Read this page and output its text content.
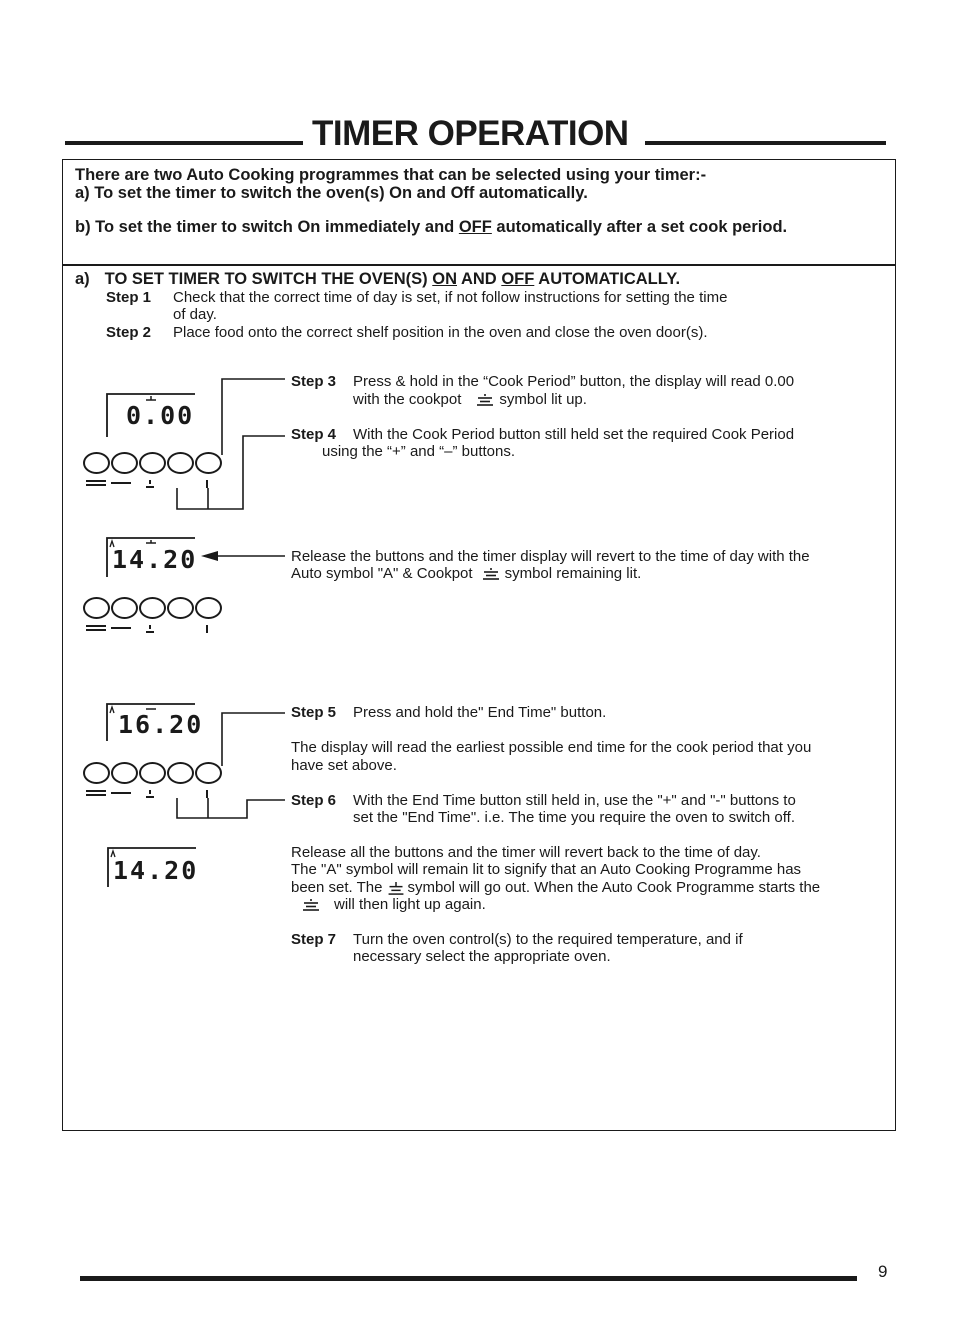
TIMER OPERATION
There are two Auto Cooking programmes that can be selected using your timer:-
a) To set the timer to switch the oven(s) On and Off automatically.
b) To set the timer to switch On immediately and OFF automatically after a set cook period.
a) TO SET TIMER TO SWITCH THE OVEN(S) ON AND OFF AUTOMATICALLY.
Step 1 Check that the correct time of day is set, if not follow instructions for setting the time
of day.
Step 2 Place food onto the correct shelf position in the oven and close the oven door(s).
Step 3 Press & hold in the “Cook Period” button, the display will read 0.00
with the cookpot	symbol lit up.
Step 4 With the Cook Period button still held set the required Cook Period
using the “+” and “–” buttons.
Release the buttons and the timer display will revert to the time of day with the
Auto symbol "A" & Cookpot symbol remaining lit.
Step 5 Press and hold the" End Time" button.
The display will read the earliest possible end time for the cook period that you
have set above.
Step 6 With the End Time button still held in, use the "+" and "-" buttons to
set the "End Time". i.e. The time you require the oven to switch off.
Release all the buttons and the timer will revert back to the time of day.
The "A" symbol will remain lit to signify that an Auto Cooking Programme has
been set. The symbol will go out. When the Auto Cook Programme starts the
will then light up again.
Step 7 Turn the oven control(s) to the required temperature, and if
necessary select the appropriate oven.
0.00
14.20
16.20
14.20
9
